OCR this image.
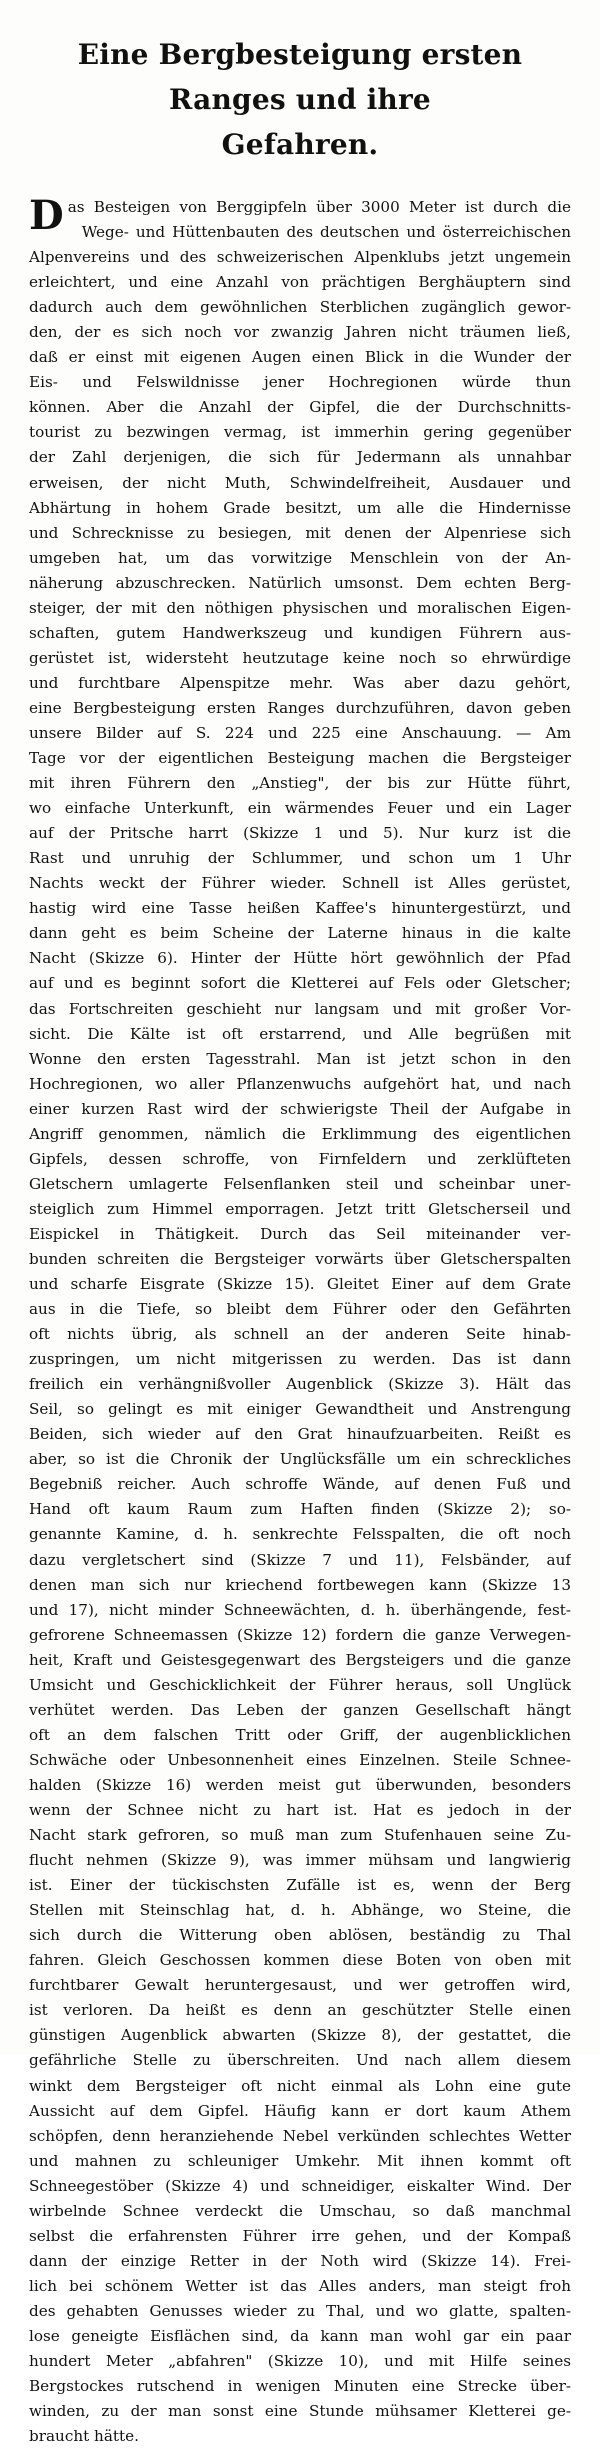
Eine Bergbesteigung ersten Ranges und ihre
Gefahren.
D as Besteigen von Berggipfeln über 3000 Meter ist durch die
Wege- und Hüttenbauten des deutschen und österreichischen
Alpenvereins und des schweizerischen Alpenklubs jetzt ungemein
erleichtert, und eine Anzahl von prächtigen Berghäuptern sind
dadurch auch dem gewöhnlichen Sterblichen zugänglich gewor-
den, der es sich noch vor zwanzig Jahren nicht träumen ließ,
daß er einst mit eigenen Augen einen Blick in die Wunder der
Eis- und Felswildnisse jener Hochregionen würde thun
können. Aber die Anzahl der Gipfel, die der Durchschnitts-
tourist zu bezwingen vermag, ist immerhin gering gegenüber
der Zahl derjenigen, die sich für Jedermann als unnahbar
erweisen, der nicht Muth, Schwindelfreiheit, Ausdauer und
Abhärtung in hohem Grade besitzt, um alle die Hindernisse
und Schrecknisse zu besiegen, mit denen der Alpenriese sich
umgeben hat, um das vorwitzige Menschlein von der An-
näherung abzuschrecken. Natürlich umsonst. Dem echten Berg-
steiger, der mit den nöthigen physischen und moralischen Eigen-
schaften, gutem Handwerkszeug und kundigen Führern aus-
gerüstet ist, widersteht heutzutage keine noch so ehrwürdige
und furchtbare Alpenspitze mehr. Was aber dazu gehört,
eine Bergbesteigung ersten Ranges durchzuführen, davon geben
unsere Bilder auf S. 224 und 225 eine Anschauung. — Am
Tage vor der eigentlichen Besteigung machen die Bergsteiger
mit ihren Führern den „Anstieg", der bis zur Hütte führt,
wo einfache Unterkunft, ein wärmendes Feuer und ein Lager
auf der Pritsche harrt (Skizze 1 und 5). Nur kurz ist die
Rast und unruhig der Schlummer, und schon um 1 Uhr
Nachts weckt der Führer wieder. Schnell ist Alles gerüstet,
hastig wird eine Tasse heißen Kaffee's hinuntergestürzt, und
dann geht es beim Scheine der Laterne hinaus in die kalte
Nacht (Skizze 6). Hinter der Hütte hört gewöhnlich der Pfad
auf und es beginnt sofort die Kletterei auf Fels oder Gletscher;
das Fortschreiten geschieht nur langsam und mit großer Vor-
sicht. Die Kälte ist oft erstarrend, und Alle begrüßen mit
Wonne den ersten Tagesstrahl. Man ist jetzt schon in den
Hochregionen, wo aller Pflanzenwuchs aufgehört hat, und nach
einer kurzen Rast wird der schwierigste Theil der Aufgabe in
Angriff genommen, nämlich die Erklimmung des eigentlichen
Gipfels, dessen schroffe, von Firnfeldern und zerklüfteten
Gletschern umlagerte Felsenflanken steil und scheinbar uner-
steiglich zum Himmel emporragen. Jetzt tritt Gletscherseil und
Eispickel in Thätigkeit. Durch das Seil miteinander ver-
bunden schreiten die Bergsteiger vorwärts über Gletscherspalten
und scharfe Eisgrate (Skizze 15). Gleitet Einer auf dem Grate
aus in die Tiefe, so bleibt dem Führer oder den Gefährten
oft nichts übrig, als schnell an der anderen Seite hinab-
zuspringen, um nicht mitgerissen zu werden. Das ist dann
freilich ein verhängnißvoller Augenblick (Skizze 3). Hält das
Seil, so gelingt es mit einiger Gewandtheit und Anstrengung
Beiden, sich wieder auf den Grat hinaufzuarbeiten. Reißt es
aber, so ist die Chronik der Unglücksfälle um ein schreckliches
Begebniß reicher. Auch schroffe Wände, auf denen Fuß und
Hand oft kaum Raum zum Haften finden (Skizze 2); so-
genannte Kamine, d. h. senkrechte Felsspalten, die oft noch
dazu vergletschert sind (Skizze 7 und 11), Felsbänder, auf
denen man sich nur kriechend fortbewegen kann (Skizze 13
und 17), nicht minder Schneewächten, d. h. überhängende, fest-
gefrorene Schneemassen (Skizze 12) fordern die ganze Verwegen-
heit, Kraft und Geistesgegenwart des Bergsteigers und die ganze
Umsicht und Geschicklichkeit der Führer heraus, soll Unglück
verhütet werden. Das Leben der ganzen Gesellschaft hängt
oft an dem falschen Tritt oder Griff, der augenblicklichen
Schwäche oder Unbesonnenheit eines Einzelnen. Steile Schnee-
halden (Skizze 16) werden meist gut überwunden, besonders
wenn der Schnee nicht zu hart ist. Hat es jedoch in der
Nacht stark gefroren, so muß man zum Stufenhauen seine Zu-
flucht nehmen (Skizze 9), was immer mühsam und langwierig
ist. Einer der tückischsten Zufälle ist es, wenn der Berg
Stellen mit Steinschlag hat, d. h. Abhänge, wo Steine, die
sich durch die Witterung oben ablösen, beständig zu Thal
fahren. Gleich Geschossen kommen diese Boten von oben mit
furchtbarer Gewalt heruntergesaust, und wer getroffen wird,
ist verloren. Da heißt es denn an geschützter Stelle einen
günstigen Augenblick abwarten (Skizze 8), der gestattet, die
gefährliche Stelle zu überschreiten. Und nach allem diesem
winkt dem Bergsteiger oft nicht einmal als Lohn eine gute
Aussicht auf dem Gipfel. Häufig kann er dort kaum Athem
schöpfen, denn heranziehende Nebel verkünden schlechtes Wetter
und mahnen zu schleuniger Umkehr. Mit ihnen kommt oft
Schneegestöber (Skizze 4) und schneidiger, eiskalter Wind. Der
wirbelnde Schnee verdeckt die Umschau, so daß manchmal
selbst die erfahrensten Führer irre gehen, und der Kompaß
dann der einzige Retter in der Noth wird (Skizze 14). Frei-
lich bei schönem Wetter ist das Alles anders, man steigt froh
des gehabten Genusses wieder zu Thal, und wo glatte, spalten-
lose geneigte Eisflächen sind, da kann man wohl gar ein paar
hundert Meter „abfahren" (Skizze 10), und mit Hilfe seines
Bergstockes rutschend in wenigen Minuten eine Strecke über-
winden, zu der man sonst eine Stunde mühsamer Kletterei ge-
braucht hätte.
